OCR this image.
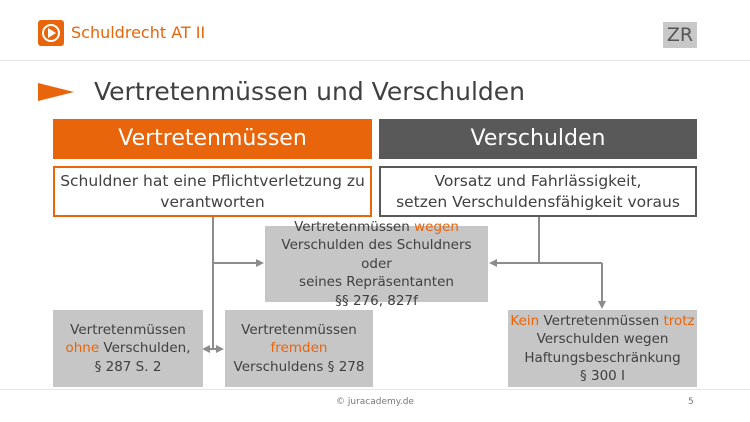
Schuldrecht AT II	ZR
Vertretenmüssen und Verschulden
Vertretenmüssen	Verschulden
Schuldner hat eine Pflichtverletzung zu
verantworten
Vorsatz und Fahrlässigkeit,
setzen Verschuldensfähigkeit voraus
Vertretenmüssen wegen
Verschulden des Schuldners oder
seines Repräsentanten
§§ 276, 827f
Vertretenmüssen
ohne Verschulden,
§ 287 S. 2
Vertretenmüssen
fremden
Verschuldens § 278
Kein Vertretenmüssen trotz
Verschulden wegen
Haftungsbeschränkung
§ 300 I
© juracademy.de	5
